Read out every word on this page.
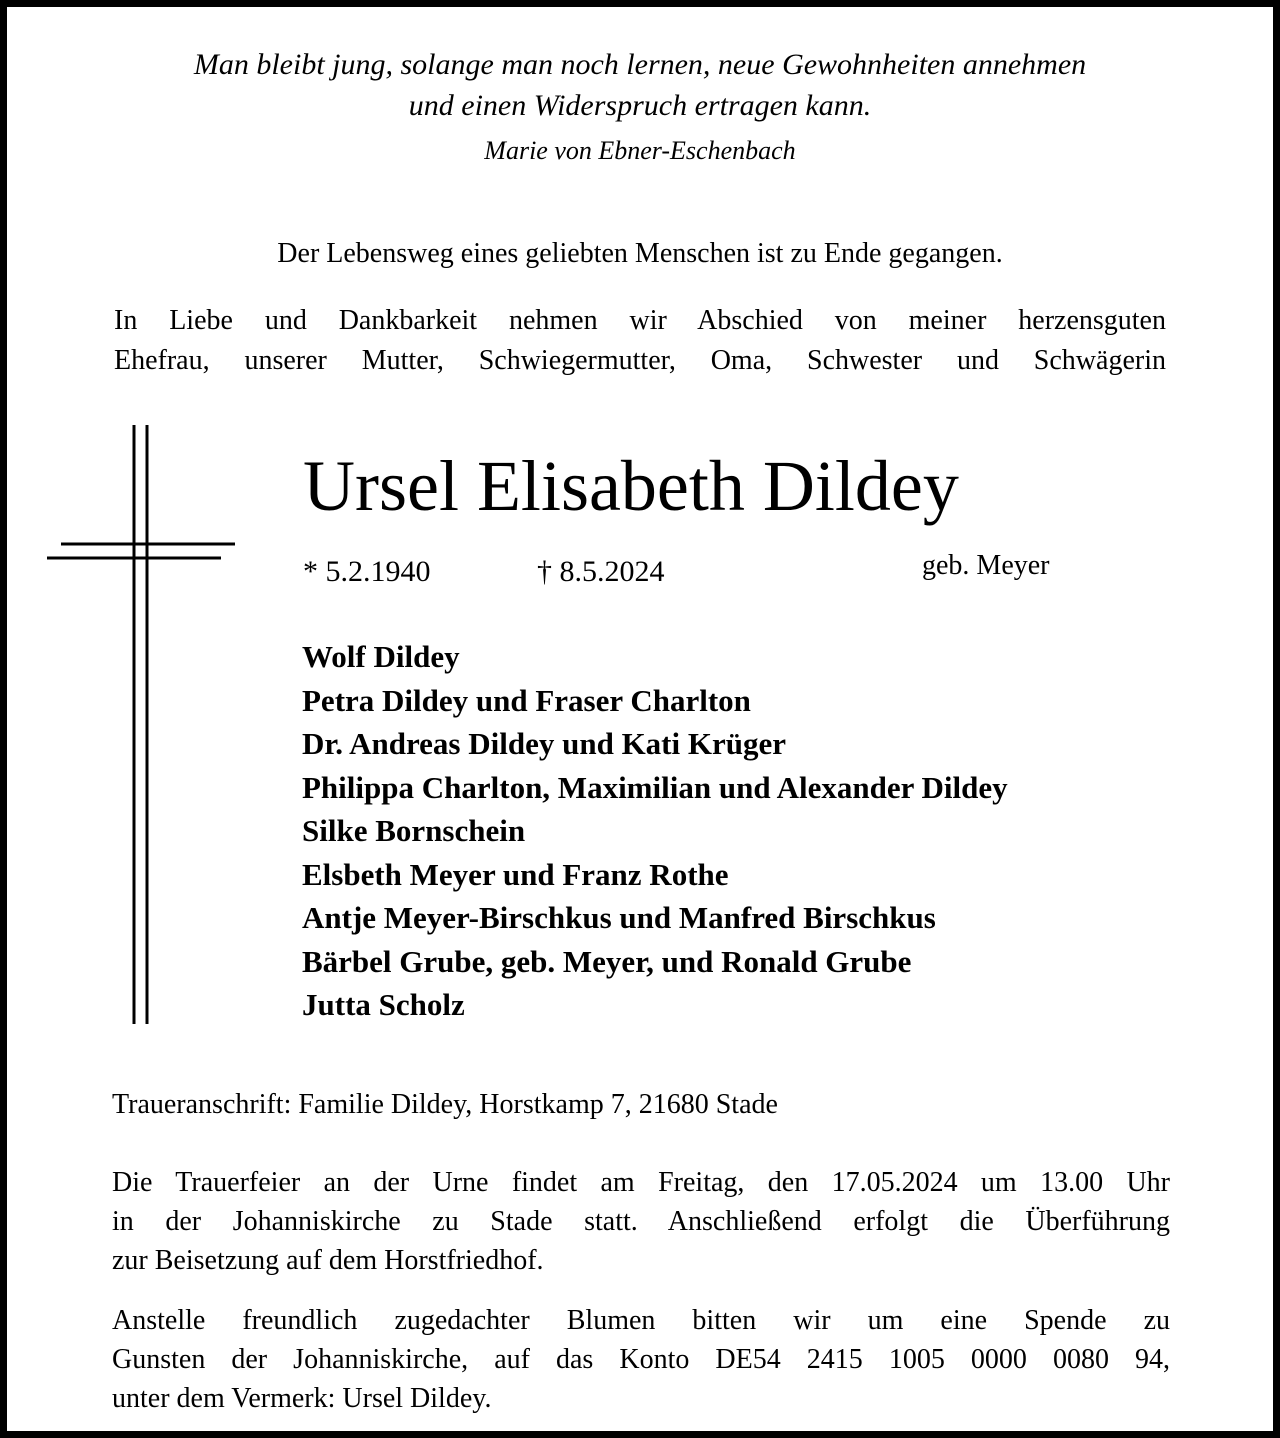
Man bleibt jung, solange man noch lernen, neue Gewohnheiten annehmen

und einen Widerspruch ertragen kann.

Marie von Ebner-Eschenbach

Der Lebensweg eines geliebten Menschen ist zu Ende gegangen.

In Liebe und Dankbarkeit nehmen wir Abschied von meiner herzensguten
Ehefrau, unserer Mutter, Schwiegermutter, Oma, Schwester und Schwägerin
Ursel Elisabeth Dildey
* 5.2.1940	† 8.5.2024	geb. Meyer
Wolf Dildey
Petra Dildey und Fraser Charlton
Dr. Andreas Dildey und Kati Krüger
Philippa Charlton, Maximilian und Alexander Dildey
Silke Bornschein
Elsbeth Meyer und Franz Rothe
Antje Meyer-Birschkus und Manfred Birschkus
Bärbel Grube, geb. Meyer, und Ronald Grube
Jutta Scholz

Traueranschrift: Familie Dildey, Horstkamp 7, 21680 Stade

Die Trauerfeier an der Urne findet am Freitag, den 17.05.2024 um 13.00 Uhr
in der Johanniskirche zu Stade statt. Anschließend erfolgt die Überführung
zur Beisetzung auf dem Horstfriedhof.
Anstelle freundlich zugedachter Blumen bitten wir um eine Spende zu
Gunsten der Johanniskirche, auf das Konto DE54 2415 1005 0000 0080 94,
unter dem Vermerk: Ursel Dildey.
